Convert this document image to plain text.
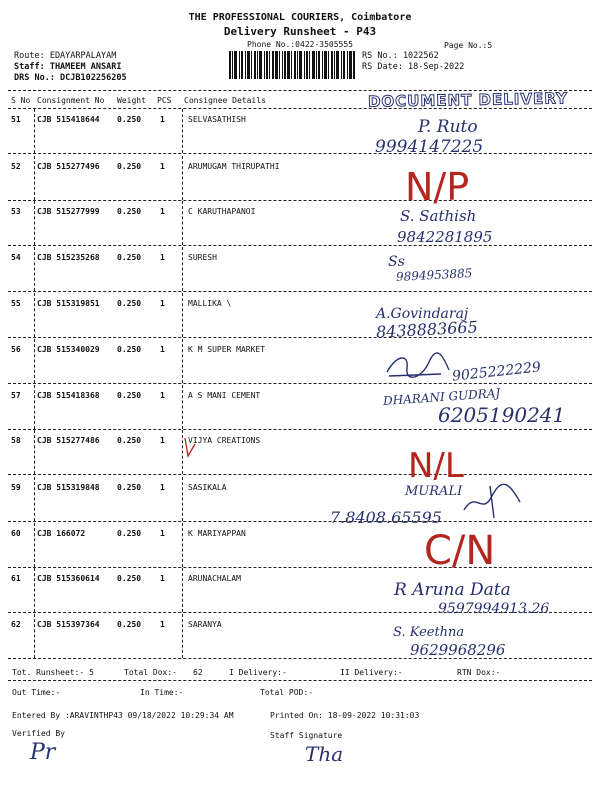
THE PROFESSIONAL COURIERS, Coimbatore
Delivery Runsheet - P43
Phone No.:0422-3505555	Page No.:5
Route: EDAYARPALAYAM
Staff: THAMEEM ANSARI
DRS No.: DCJB102256205
RS No.: 1022562
RS Date: 18-Sep-2022
S No Consignment No Weight PCS Consignee Details	DOCUMENT DELIVERY
51 CJB 515418644 0.250 1	SELVASATHISH
52 CJB 515277496 0.250 1	ARUMUGAM THIRUPATHI
53 CJB 515277999 0.250 1	C KARUTHAPANOI
54 CJB 515235268 0.250 1	SURESH
55 CJB 515319851 0.250 1	MALLIKA \
56 CJB 515340029 0.250 1	K M SUPER MARKET
57 CJB 515418368 0.250 1	A S MANI CEMENT
58 CJB 515277486 0.250 1	VIJYA CREATIONS
59 CJB 515319848 0.250 1	SASIKALA
60 CJB 166072	0.250 1	K MARIYAPPAN
61 CJB 515360614 0.250 1	ARUNACHALAM
62 CJB 515397364 0.250 1	SARANYA
P. Ruto
9994147225
N/P
S. Sathish
9842281895
Ss
9894953885
A.Govindaraj
8438883665
9025222229
DHARANI GUDRAJ
6205190241
N/L
MURALI
7.8408.65595
C/N
R Aruna Data
9597994913.26
S. Keethna
9629968296
Tot. Runsheet:- 5	Total Dox:- 62	I Delivery:-	II Delivery:-	RTN Dox:-
Out Time:-	In Time:-	Total POD:-
Entered By :ARAVINTHP43 09/18/2022 10:29:34 AM	Printed On: 18-09-2022 10:31:03
Verified By	Staff Signature
Pr	Tha
